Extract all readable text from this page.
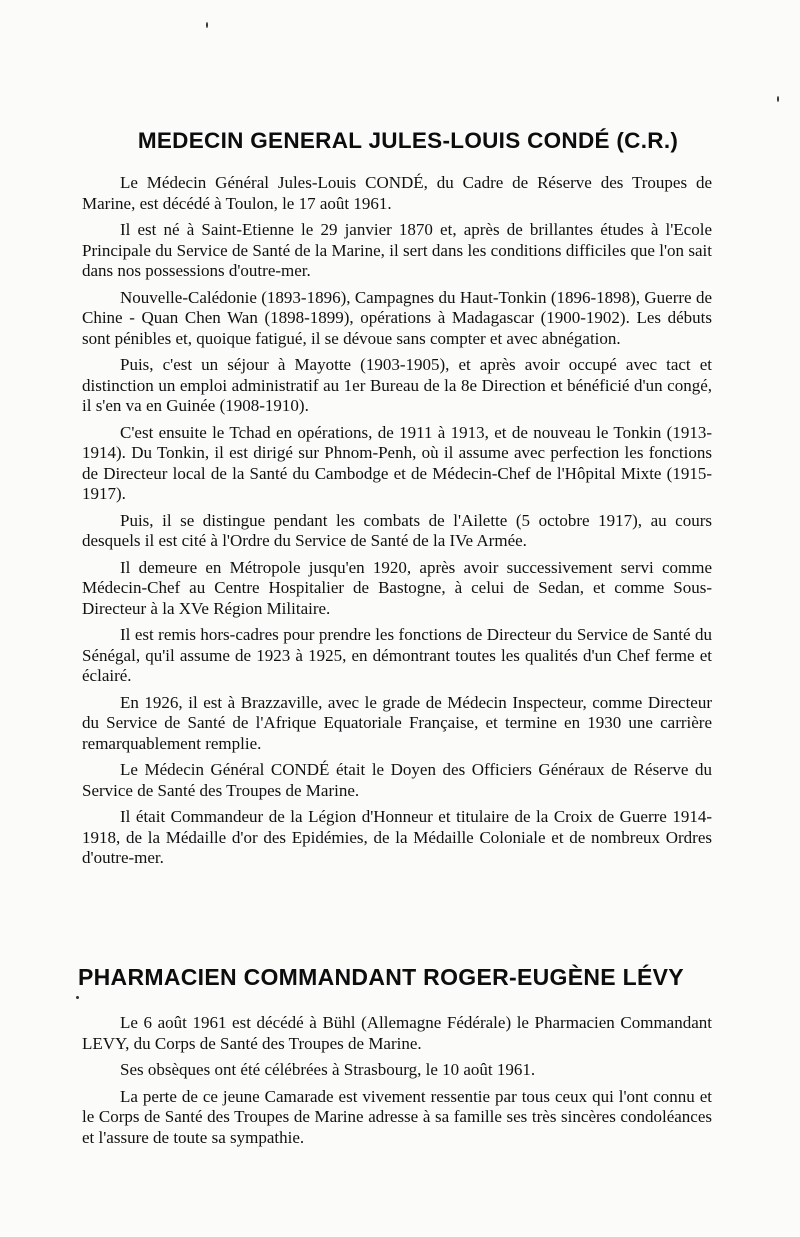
MEDECIN GENERAL JULES-LOUIS CONDÉ (C.R.)

Le Médecin Général Jules-Louis CONDÉ, du Cadre de Réserve des Troupes de Marine, est décédé à Toulon, le 17 août 1961.

Il est né à Saint-Etienne le 29 janvier 1870 et, après de brillantes études à l'Ecole Principale du Service de Santé de la Marine, il sert dans les conditions difficiles que l'on sait dans nos possessions d'outre-mer.

Nouvelle-Calédonie (1893-1896), Campagnes du Haut-Tonkin (1896-1898), Guerre de Chine - Quan Chen Wan (1898-1899), opérations à Madagascar (1900-1902). Les débuts sont pénibles et, quoique fatigué, il se dévoue sans compter et avec abnégation.

Puis, c'est un séjour à Mayotte (1903-1905), et après avoir occupé avec tact et distinction un emploi administratif au 1er Bureau de la 8e Direction et bénéficié d'un congé, il s'en va en Guinée (1908-1910).

C'est ensuite le Tchad en opérations, de 1911 à 1913, et de nouveau le Tonkin (1913-1914). Du Tonkin, il est dirigé sur Phnom-Penh, où il assume avec perfection les fonctions de Directeur local de la Santé du Cambodge et de Médecin-Chef de l'Hôpital Mixte (1915-1917).

Puis, il se distingue pendant les combats de l'Ailette (5 octobre 1917), au cours desquels il est cité à l'Ordre du Service de Santé de la IVe Armée.

Il demeure en Métropole jusqu'en 1920, après avoir successivement servi comme Médecin-Chef au Centre Hospitalier de Bastogne, à celui de Sedan, et comme Sous-Directeur à la XVe Région Militaire.

Il est remis hors-cadres pour prendre les fonctions de Directeur du Service de Santé du Sénégal, qu'il assume de 1923 à 1925, en démontrant toutes les qualités d'un Chef ferme et éclairé.

En 1926, il est à Brazzaville, avec le grade de Médecin Inspecteur, comme Directeur du Service de Santé de l'Afrique Equatoriale Française, et termine en 1930 une carrière remarquablement remplie.

Le Médecin Général CONDÉ était le Doyen des Officiers Généraux de Réserve du Service de Santé des Troupes de Marine.

Il était Commandeur de la Légion d'Honneur et titulaire de la Croix de Guerre 1914-1918, de la Médaille d'or des Epidémies, de la Médaille Coloniale et de nombreux Ordres d'outre-mer.

PHARMACIEN COMMANDANT ROGER-EUGÈNE LÉVY

Le 6 août 1961 est décédé à Bühl (Allemagne Fédérale) le Pharmacien Commandant LEVY, du Corps de Santé des Troupes de Marine.

Ses obsèques ont été célébrées à Strasbourg, le 10 août 1961.

La perte de ce jeune Camarade est vivement ressentie par tous ceux qui l'ont connu et le Corps de Santé des Troupes de Marine adresse à sa famille ses très sincères condoléances et l'assure de toute sa sympathie.
